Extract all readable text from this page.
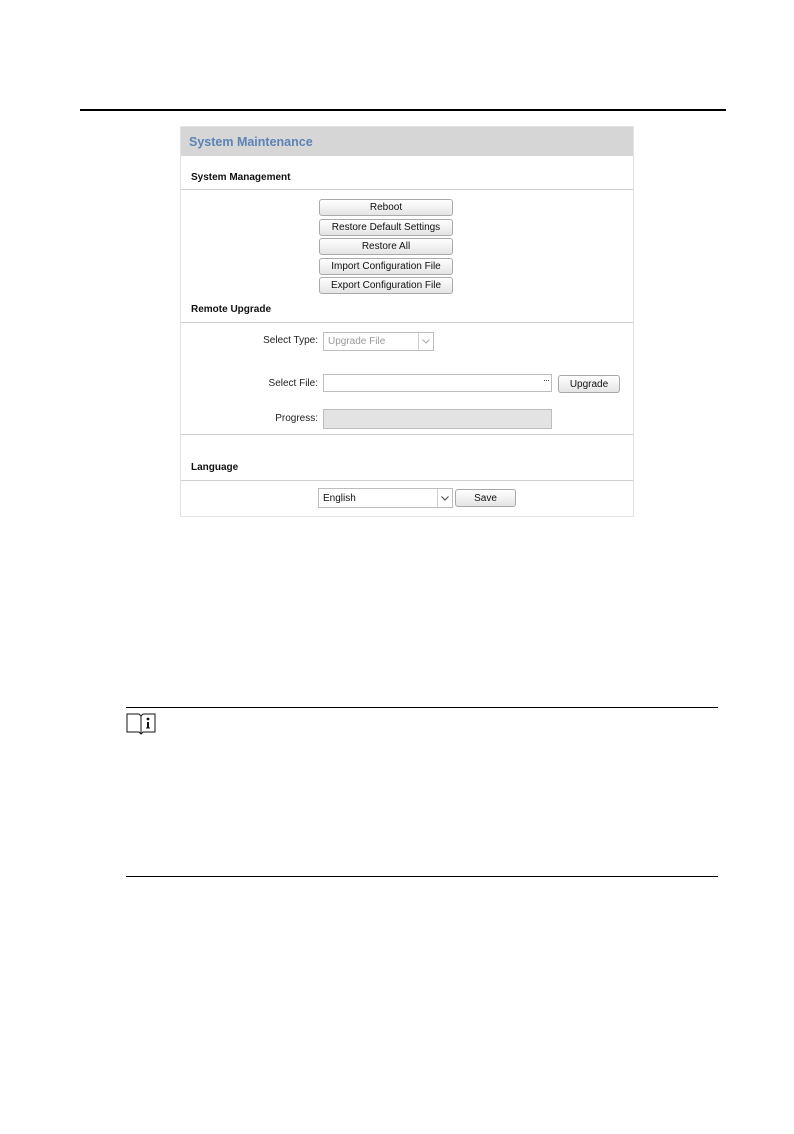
System Maintenance
System Management
Reboot
Restore Default Settings
Restore All
Import Configuration File
Export Configuration File
Remote Upgrade
Select Type: Upgrade File
Select File:	···	Upgrade
Progress:
Language
English	Save
